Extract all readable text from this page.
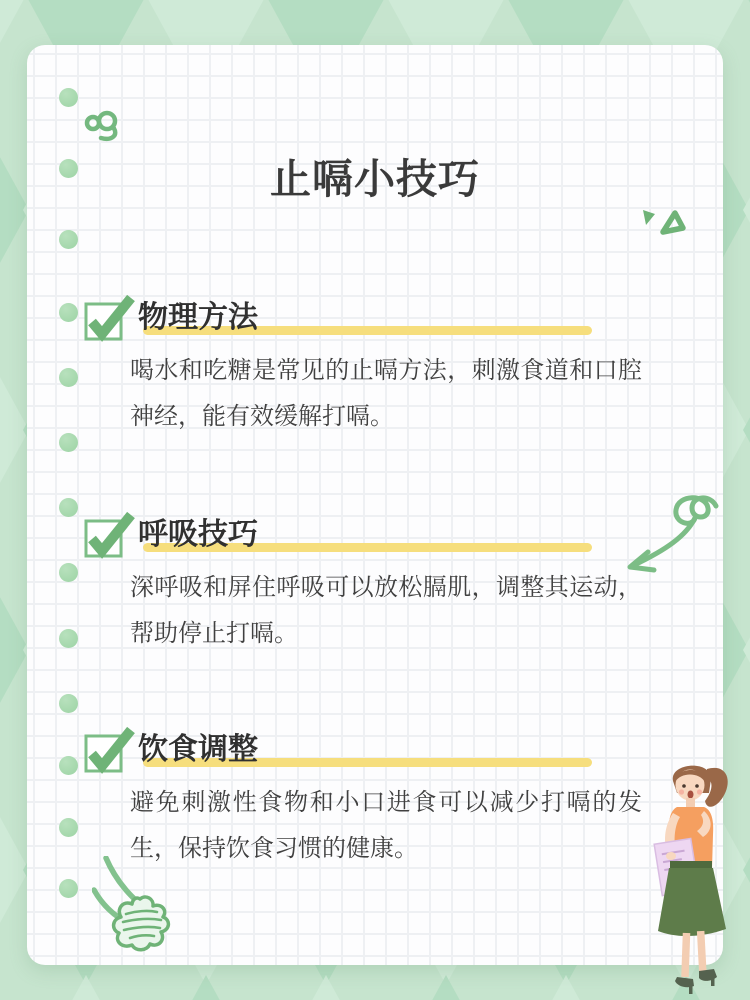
止嗝小技巧
物理方法
喝水和吃糖是常见的止嗝方法，刺激食道和口腔神经，能有效缓解打嗝。
呼吸技巧
深呼吸和屏住呼吸可以放松膈肌，调整其运动，帮助停止打嗝。
饮食调整
避免刺激性食物和小口进食可以减少打嗝的发生，保持饮食习惯的健康。
